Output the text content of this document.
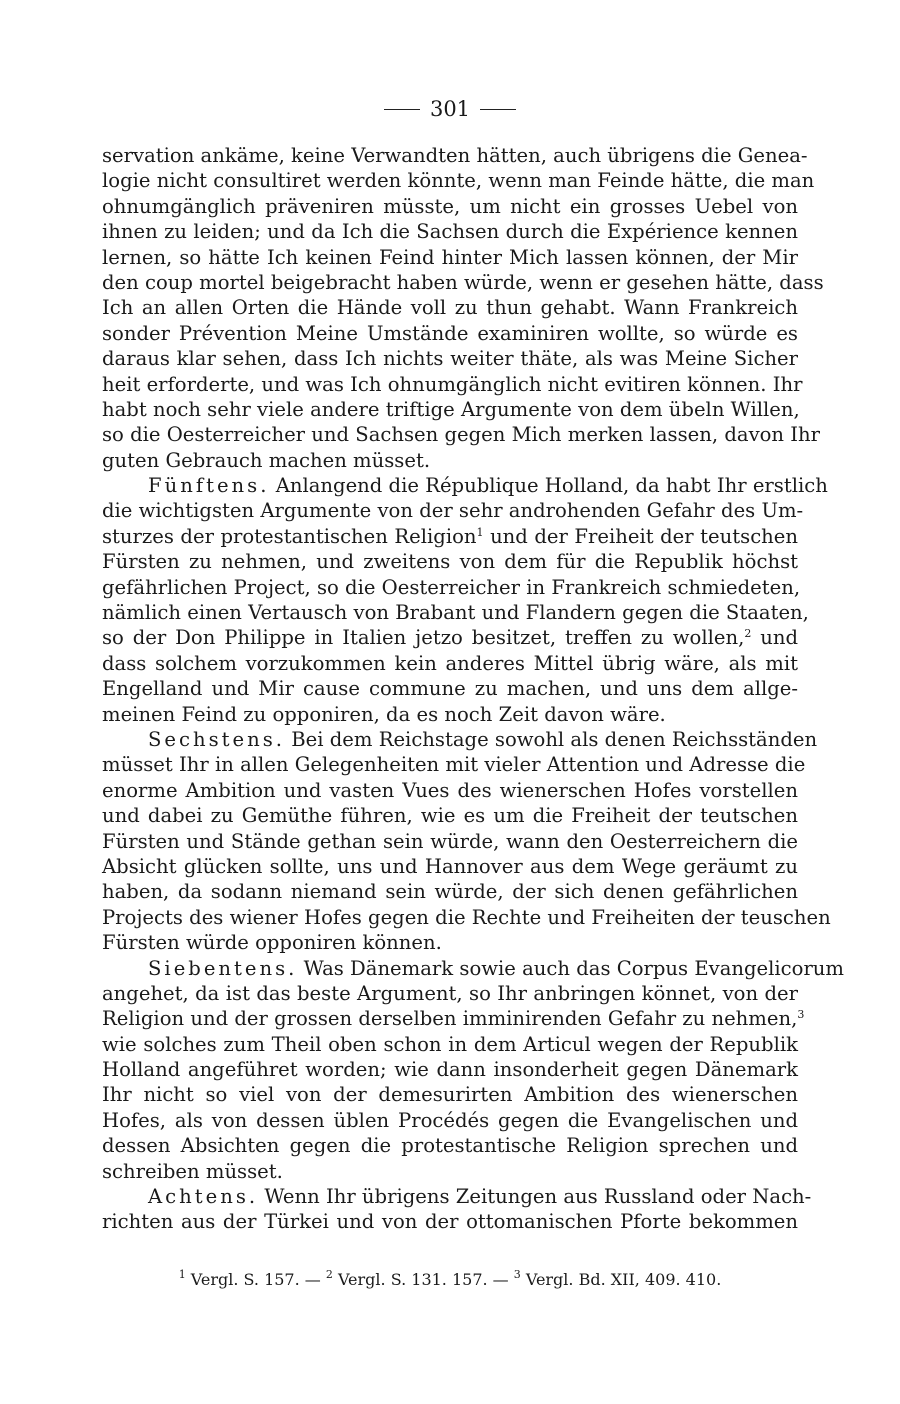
301
servation ankäme, keine Verwandten hätten, auch übrigens die Genea-
logie nicht consultiret werden könnte, wenn man Feinde hätte, die man
ohnumgänglich präveniren müsste, um nicht ein grosses Uebel von
ihnen zu leiden; und da Ich die Sachsen durch die Expérience kennen
lernen, so hätte Ich keinen Feind hinter Mich lassen können, der Mir
den coup mortel beigebracht haben würde, wenn er gesehen hätte, dass
Ich an allen Orten die Hände voll zu thun gehabt. Wann Frankreich
sonder Prévention Meine Umstände examiniren wollte, so würde es
daraus klar sehen, dass Ich nichts weiter thäte, als was Meine Sicher
heit erforderte, und was Ich ohnumgänglich nicht evitiren können. Ihr
habt noch sehr viele andere triftige Argumente von dem übeln Willen,
so die Oesterreicher und Sachsen gegen Mich merken lassen, davon Ihr
guten Gebrauch machen müsset.
Fünftens. Anlangend die République Holland, da habt Ihr erstlich
die wichtigsten Argumente von der sehr androhenden Gefahr des Um-
sturzes der protestantischen Religion$^1$ und der Freiheit der teutschen
Fürsten zu nehmen, und zweitens von dem für die Republik höchst
gefährlichen Project, so die Oesterreicher in Frankreich schmiedeten,
nämlich einen Vertausch von Brabant und Flandern gegen die Staaten,
so der Don Philippe in Italien jetzo besitzet, treffen zu wollen,$^2$ und
dass solchem vorzukommen kein anderes Mittel übrig wäre, als mit
Engelland und Mir cause commune zu machen, und uns dem allge-
meinen Feind zu opponiren, da es noch Zeit davon wäre.
Sechstens. Bei dem Reichstage sowohl als denen Reichsständen
müsset Ihr in allen Gelegenheiten mit vieler Attention und Adresse die
enorme Ambition und vasten Vues des wienerschen Hofes vorstellen
und dabei zu Gemüthe führen, wie es um die Freiheit der teutschen
Fürsten und Stände gethan sein würde, wann den Oesterreichern die
Absicht glücken sollte, uns und Hannover aus dem Wege geräumt zu
haben, da sodann niemand sein würde, der sich denen gefährlichen
Projects des wiener Hofes gegen die Rechte und Freiheiten der teuschen
Fürsten würde opponiren können.
Siebentens. Was Dänemark sowie auch das Corpus Evangelicorum
angehet, da ist das beste Argument, so Ihr anbringen könnet, von der
Religion und der grossen derselben imminirenden Gefahr zu nehmen,$^3$
wie solches zum Theil oben schon in dem Articul wegen der Republik
Holland angeführet worden; wie dann insonderheit gegen Dänemark
Ihr nicht so viel von der demesurirten Ambition des wienerschen
Hofes, als von dessen üblen Procédés gegen die Evangelischen und
dessen Absichten gegen die protestantische Religion sprechen und
schreiben müsset.
Achtens. Wenn Ihr übrigens Zeitungen aus Russland oder Nach-
richten aus der Türkei und von der ottomanischen Pforte bekommen
$^1$ Vergl. S. 157. — $^2$ Vergl. S. 131. 157. — $^3$ Vergl. Bd. XII, 409. 410.
